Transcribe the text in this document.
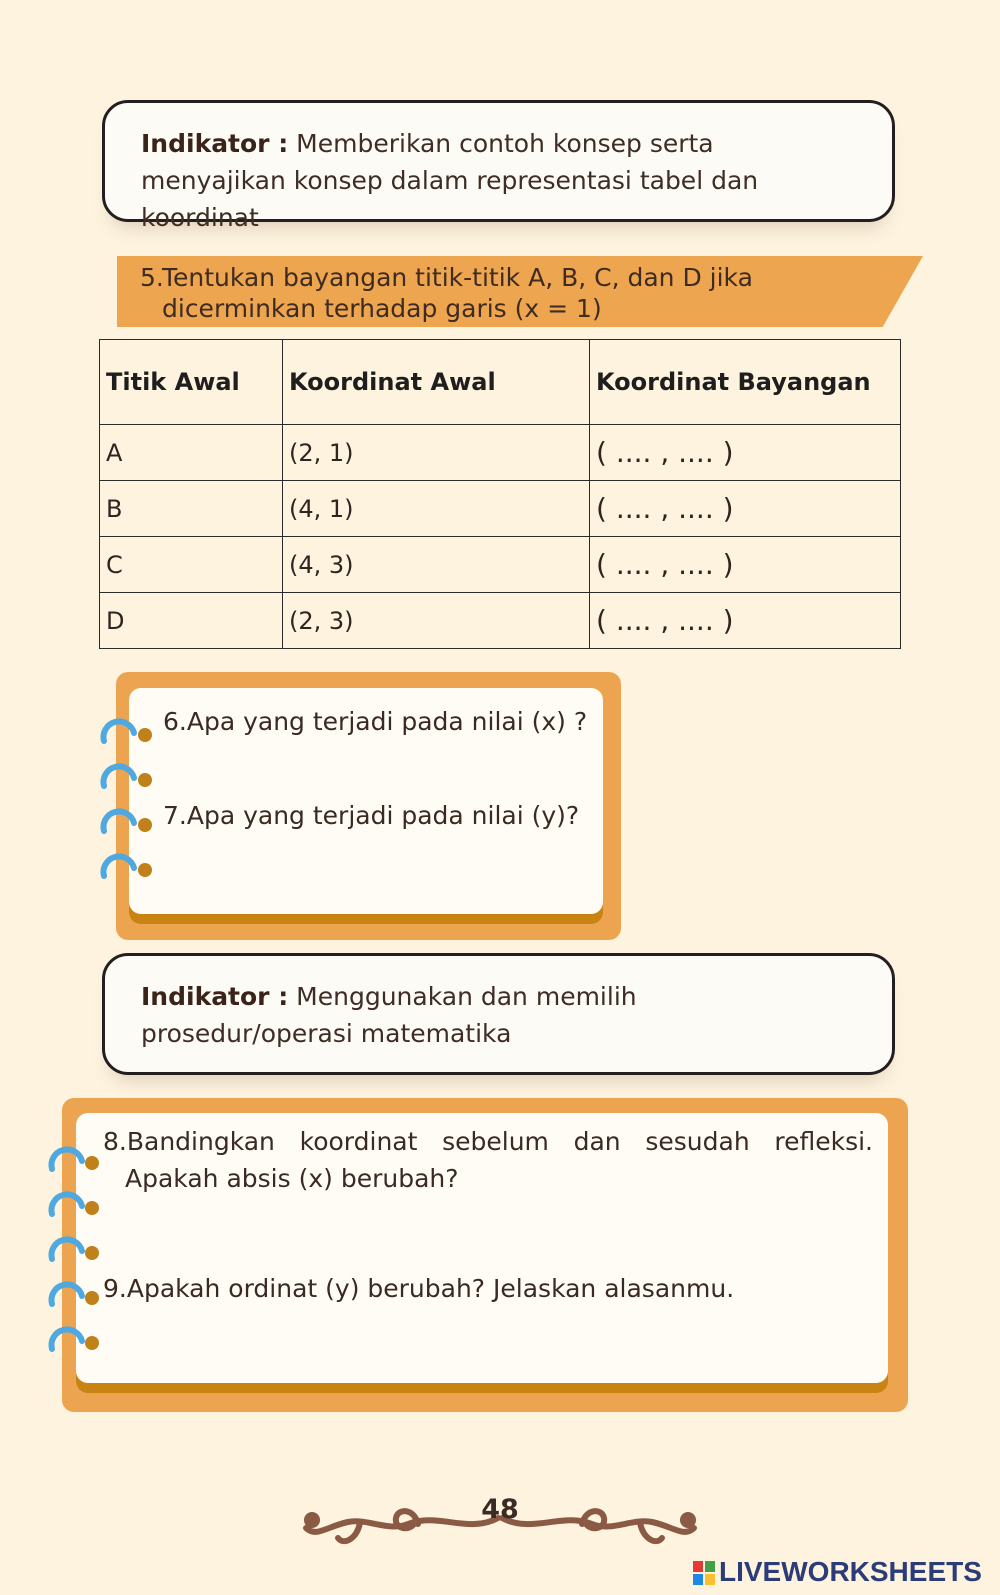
Indikator : Memberikan contoh konsep serta menyajikan konsep dalam representasi tabel dan koordinat
5.Tentukan bayangan titik-titik A, B, C, dan D jika

dicerminkan terhadap garis (x = 1)
Titik Awal	Koordinat Awal	Koordinat Bayangan
A	(2, 1)	( .... , .... )
B	(4, 1)	( .... , .... )
C	(4, 3)	( .... , .... )
D	(2, 3)	( .... , .... )
6.Apa yang terjadi pada nilai (x) ?
7.Apa yang terjadi pada nilai (y)?
Indikator : Menggunakan dan memilih prosedur/operasi matematika
8. Bandingkan koordinat sebelum dan sesudah refleksi.
Apakah absis (x) berubah?
9.Apakah ordinat (y) berubah? Jelaskan alasanmu.
48
LIVEWORKSHEETS
